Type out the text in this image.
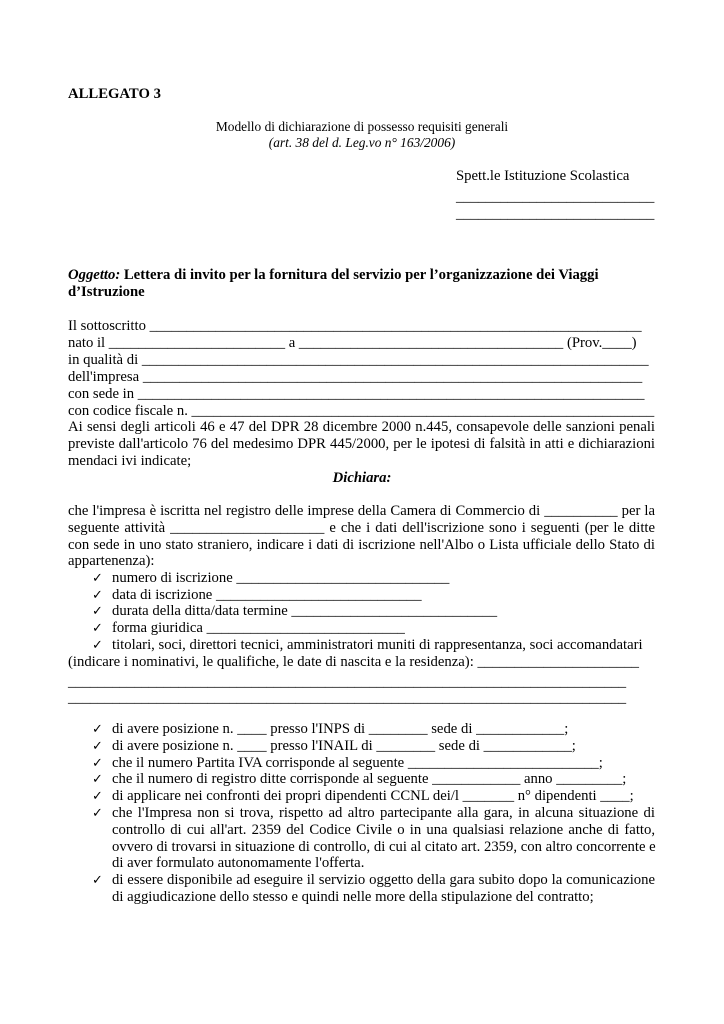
ALLEGATO 3
Modello di dichiarazione di possesso requisiti generali
(art. 38 del d. Leg.vo n° 163/2006)
Spett.le Istituzione Scolastica
___________________________
___________________________
Oggetto: Lettera di invito per la fornitura del servizio per l’organizzazione dei Viaggi
d’Istruzione
Il sottoscritto ___________________________________________________________________
nato il ________________________ a ____________________________________ (Prov.____)
in qualità di _____________________________________________________________________
dell'impresa ____________________________________________________________________
con sede in _____________________________________________________________________
con codice fiscale n. _______________________________________________________________
Ai sensi degli articoli 46 e 47 del DPR 28 dicembre 2000 n.445, consapevole delle sanzioni penali
previste dall'articolo 76 del medesimo DPR 445/2000, per le ipotesi di falsità in atti e dichiarazioni
mendaci ivi indicate;
Dichiara:
che l'impresa è iscritta nel registro delle imprese della Camera di Commercio di __________ per la
seguente attività _____________________ e che i dati dell'iscrizione sono i seguenti (per le ditte
con sede in uno stato straniero, indicare i dati di iscrizione nell'Albo o Lista ufficiale dello Stato di
appartenenza):
✓ numero di iscrizione _____________________________
✓ data di iscrizione ____________________________
✓ durata della ditta/data termine ____________________________
✓ forma giuridica ___________________________
✓ titolari, soci, direttori tecnici, amministratori muniti di rappresentanza, soci accomandatari
(indicare i nominativi, le qualifiche, le date di nascita e la residenza): ______________________
____________________________________________________________________________
____________________________________________________________________________
✓ di avere posizione n. ____ presso l'INPS di ________ sede di ____________;
✓ di avere posizione n. ____ presso l'INAIL di ________ sede di ____________;
✓ che il numero Partita IVA corrisponde al seguente __________________________;
✓ che il numero di registro ditte corrisponde al seguente ____________ anno _________;
✓ di applicare nei confronti dei propri dipendenti CCNL dei/l _______ n° dipendenti ____;
✓ che l'Impresa non si trova, rispetto ad altro partecipante alla gara, in alcuna situazione di
controllo di cui all'art. 2359 del Codice Civile o in una qualsiasi relazione anche di fatto,
ovvero di trovarsi in situazione di controllo, di cui al citato art. 2359, con altro concorrente e
di aver formulato autonomamente l'offerta.
✓ di essere disponibile ad eseguire il servizio oggetto della gara subito dopo la comunicazione
di aggiudicazione dello stesso e quindi nelle more della stipulazione del contratto;
